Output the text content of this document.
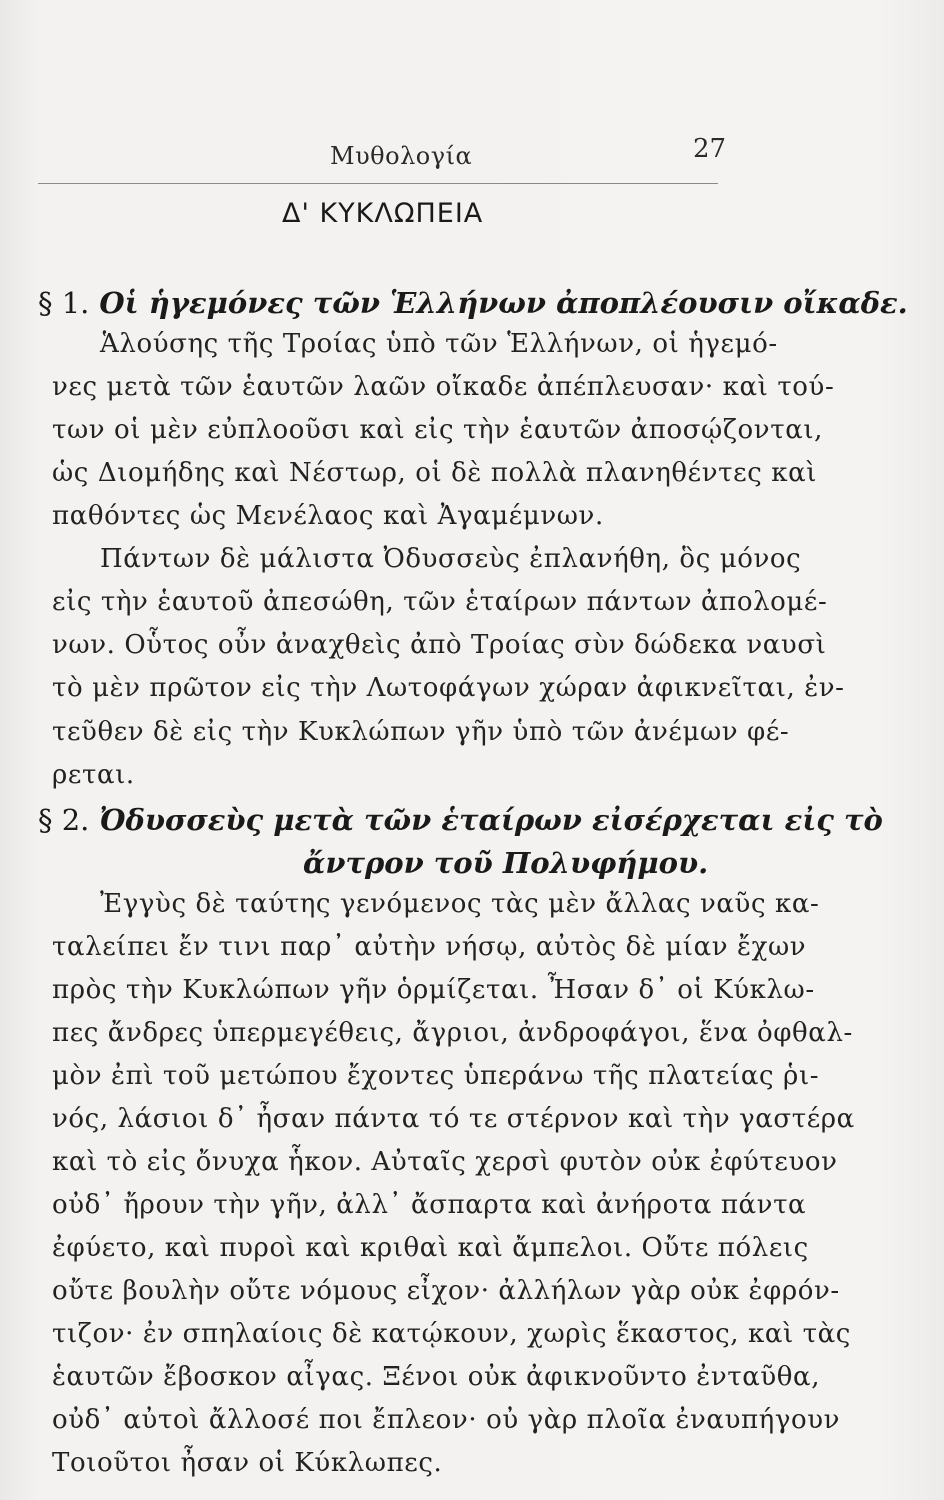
Μυθολογία	27
Δ' ΚΥΚΛΩΠΕΙΑ
§ 1. Οἱ ἡγεμόνες τῶν Ἑλλήνων ἀποπλέουσιν οἴκαδε.
Ἁλούσης τῆς Τροίας ὑπὸ τῶν Ἑλλήνων, οἱ ἡγεμό-
νες μετὰ τῶν ἑαυτῶν λαῶν οἴκαδε ἀπέπλευσαν· καὶ τού-
των οἱ μὲν εὐπλοοῦσι καὶ εἰς τὴν ἑαυτῶν ἀποσῴζονται,
ὡς Διομήδης καὶ Νέστωρ, οἱ δὲ πολλὰ πλανηθέντες καὶ
παθόντες ὡς Μενέλαος καὶ Ἀγαμέμνων.
Πάντων δὲ μάλιστα Ὀδυσσεὺς ἐπλανήθη, ὃς μόνος
εἰς τὴν ἑαυτοῦ ἀπεσώθη, τῶν ἑταίρων πάντων ἀπολομέ-
νων. Οὗτος οὖν ἀναχθεὶς ἀπὸ Τροίας σὺν δώδεκα ναυσὶ
τὸ μὲν πρῶτον εἰς τὴν Λωτοφάγων χώραν ἀφικνεῖται, ἐν-
τεῦθεν δὲ εἰς τὴν Κυκλώπων γῆν ὑπὸ τῶν ἀνέμων φέ-
ρεται.
§ 2. Ὀδυσσεὺς μετὰ τῶν ἑταίρων εἰσέρχεται εἰς τὸ
ἄντρον τοῦ Πολυφήμου.
Ἐγγὺς δὲ ταύτης γενόμενος τὰς μὲν ἄλλας ναῦς κα-
ταλείπει ἔν τινι παρ᾽ αὐτὴν νήσῳ, αὐτὸς δὲ μίαν ἔχων
πρὸς τὴν Κυκλώπων γῆν ὁρμίζεται. Ἦσαν δ᾽ οἱ Κύκλω-
πες ἄνδρες ὑπερμεγέθεις, ἄγριοι, ἀνδροφάγοι, ἕνα ὀφθαλ-
μὸν ἐπὶ τοῦ μετώπου ἔχοντες ὑπεράνω τῆς πλατείας ῥι-
νός, λάσιοι δ᾽ ἦσαν πάντα τό τε στέρνον καὶ τὴν γαστέρα
καὶ τὸ εἰς ὄνυχα ἧκον. Αὐταῖς χερσὶ φυτὸν οὐκ ἐφύτευον
οὐδ᾽ ἤρουν τὴν γῆν, ἀλλ᾽ ἄσπαρτα καὶ ἀνήροτα πάντα
ἐφύετο, καὶ πυροὶ καὶ κριθαὶ καὶ ἄμπελοι. Οὔτε πόλεις
οὔτε βουλὴν οὔτε νόμους εἶχον· ἀλλήλων γὰρ οὐκ ἐφρόν-
τιζον· ἐν σπηλαίοις δὲ κατῴκουν, χωρὶς ἕκαστος, καὶ τὰς
ἑαυτῶν ἔβοσκον αἶγας. Ξένοι οὐκ ἀφικνοῦντο ἐνταῦθα,
οὐδ᾽ αὐτοὶ ἄλλοσέ ποι ἔπλεον· οὐ γὰρ πλοῖα ἐναυπήγουν
Τοιοῦτοι ἦσαν οἱ Κύκλωπες.
